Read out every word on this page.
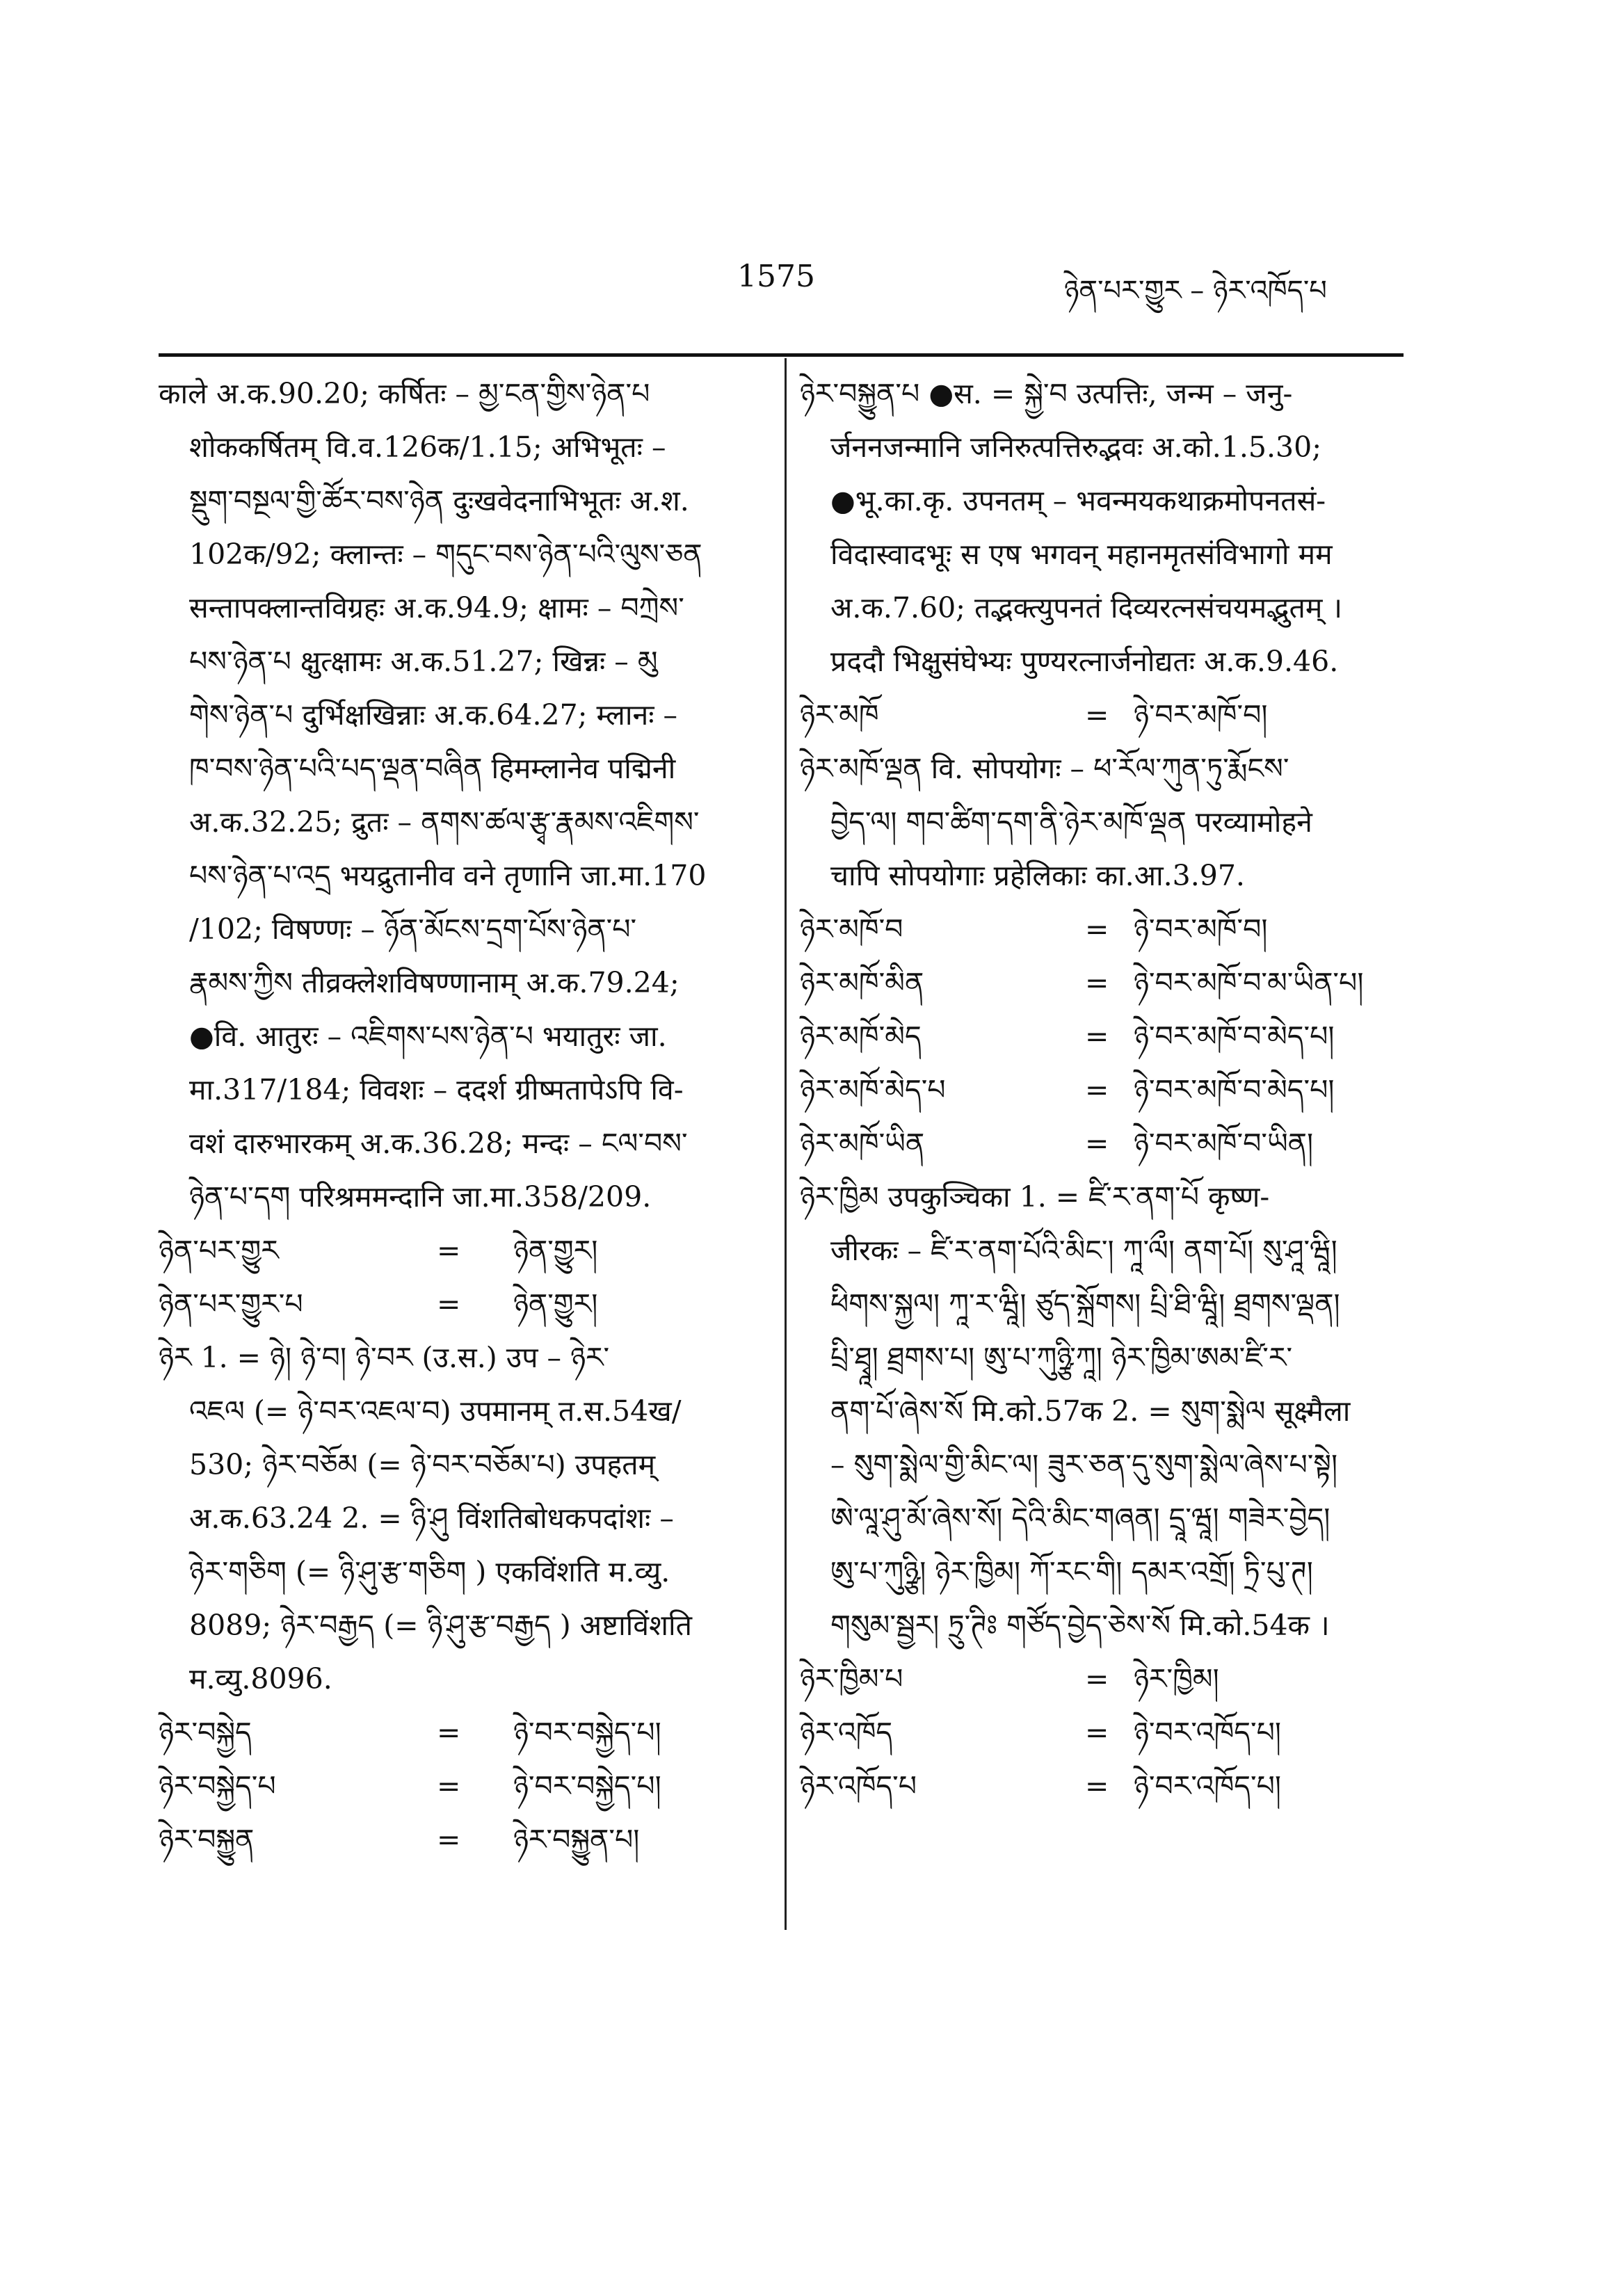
1575	ཉེན་པར་གྱུར – ཉེར་འཁོད་པ
काले अ.क.90.20; कर्षितः – མྱ་ངན་གྱིས་ཉེན་པ
शोककर्षितम् वि.व.126क/1.15; अभिभूतः –
སྡུག་བསྔལ་གྱི་ཚོར་བས་ཉེན दुःखवेदनाभिभूतः अ.श.
102क/92; क्लान्तः – གདུང་བས་ཉེན་པའི་ལུས་ཅན
सन्तापक्लान्तविग्रहः अ.क.94.9; क्षामः – བཀྲེས་
པས་ཉེན་པ क्षुत्क्षामः अ.क.51.27; खिन्नः – མུ
གེས་ཉེན་པ दुर्भिक्षखिन्नाः अ.क.64.27; म्लानः –
ཁ་བས་ཉེན་པའི་པད་ལྡན་བཞིན हिमम्लानेव पद्मिनी
अ.क.32.25; द्रुतः – ནགས་ཚལ་རྩྭ་རྣམས་འཇིགས་
པས་ཉེན་པ་འདྲ भयद्रुतानीव वने तृणानि जा.मा.170
/102; विषण्णः – ཉོན་མོངས་དྲག་པོས་ཉེན་པ་
རྣམས་ཀྱིས तीव्रक्लेशविषण्णानाम् अ.क.79.24;
●वि. आतुरः – འཇིགས་པས་ཉེན་པ भयातुरः जा.
मा.317/184; विवशः – ददर्श ग्रीष्मतापेऽपि वि-
वशं दारुभारकम् अ.क.36.28; मन्दः – ངལ་བས་
ཉེན་པ་དག परिश्रममन्दानि जा.मा.358/209.
ཉེན་པར་གྱུར	=	ཉེན་གྱུར།
ཉེན་པར་གྱུར་པ	=	ཉེན་གྱུར།
ཉེར 1. = ཉེ། ཉེ་བ། ཉེ་བར (उ.स.) उप – ཉེར་
འཇལ (= ཉེ་བར་འཇལ་བ) उपमानम् त.स.54ख/
530; ཉེར་བཅོམ (= ཉེ་བར་བཅོམ་པ) उपहतम्
अ.क.63.24 2. = ཉི་ཤུ विंशतिबोधकपदांशः –
ཉེར་གཅིག (= ཉི་ཤུ་རྩ་གཅིག ) एकविंशति म.व्यु.
8089; ཉེར་བརྒྱད (= ཉི་ཤུ་རྩ་བརྒྱད ) अष्टाविंशति
म.व्यु.8096.
ཉེར་བསྐྱེད	=	ཉེ་བར་བསྐྱེད་པ།
ཉེར་བསྐྱེད་པ	=	ཉེ་བར་བསྐྱེད་པ།
ཉེར་བསྐྱུན	=	ཉེར་བསྐྱུན་པ།
ཉེར་བསྐྱུན་པ ●स. = སྐྱེ་བ उत्पत्तिः, जन्म – जनु-
र्जननजन्मानि जनिरुत्पत्तिरुद्भवः अ.को.1.5.30;
●भू.का.कृ. उपनतम् – भवन्मयकथाक्रमोपनतसं-
विदास्वादभूः स एष भगवन् महानमृतसंविभागो मम
अ.क.7.60; तद्भक्त्युपनतं दिव्यरत्नसंचयमद्भुतम् ।
प्रददौ भिक्षुसंघेभ्यः पुण्यरत्नार्जनोद्यतः अ.क.9.46.
ཉེར་མཁོ	= ཉེ་བར་མཁོ་བ།
ཉེར་མཁོ་ལྡན वि. सोपयोगः – ཕ་རོལ་ཀུན་ཏུ་རྨོངས་
བྱེད་ལ། གབ་ཚིག་དག་ནི་ཉེར་མཁོ་ལྡན परव्यामोहने
चापि सोपयोगाः प्रहेलिकाः का.आ.3.97.
ཉེར་མཁོ་བ	= ཉེ་བར་མཁོ་བ།
ཉེར་མཁོ་མིན	= ཉེ་བར་མཁོ་བ་མ་ཡིན་པ།
ཉེར་མཁོ་མེད	= ཉེ་བར་མཁོ་བ་མེད་པ།
ཉེར་མཁོ་མེད་པ	= ཉེ་བར་མཁོ་བ་མེད་པ།
ཉེར་མཁོ་ཡིན	= ཉེ་བར་མཁོ་བ་ཡིན།
ཉེར་ཁྱིམ उपकुञ्चिका 1. = ཛི་ར་ནག་པོ कृष्ण-
जीरकः – ཛི་ར་ནག་པོའི་མིང་། ཀཱ་ལྀ། ནག་པོ། སུ་ཤཱ་ཝཱི།
ཕིགས་སྐྱལ། ཀཱ་ར་ཝཱི། ཙུད་སྐྲོགས། པྲི་ཐི་ཝཱི། ཐྲགས་ལྡན།
པྲི་ཐྭཱ། ཐྲགས་པ། ཨུ་པ་ཀུཉྩི་ཀཱ། ཉེར་ཁྱིམ་ཨམ་ཛི་ར་
ནག་པོ་ཞེས་སོ मि.को.57क 2. = སུག་སྨེལ सूक्ष्मैला
– སུག་སྨེལ་གྱི་མིང་ལ། ཟུར་ཅན་དུ་སུག་སྨེལ་ཞེས་པ་སྟེ།
ཨེ་ལཱ་ཤུ་མོ་ཞེས་སོ། དེའི་མིང་གཞན། དྲཱ་ཝཱ། གཟེར་བྱེད།
ཨུ་པ་ཀུཉྩི། ཉེར་ཁྱིམ། ཀོ་རང་གི། དམར་འགྲོ། ཏྲི་པུ་ཊ།
གསུམ་སྦྱར། ཏྲུ་ཊིཿ གཙོད་བྱེད་ཅེས་སོ मि.को.54क ।
ཉེར་ཁྱིམ་པ	= ཉེར་ཁྱིམ།
ཉེར་འཁོད	= ཉེ་བར་འཁོད་པ།
ཉེར་འཁོད་པ	= ཉེ་བར་འཁོད་པ།
